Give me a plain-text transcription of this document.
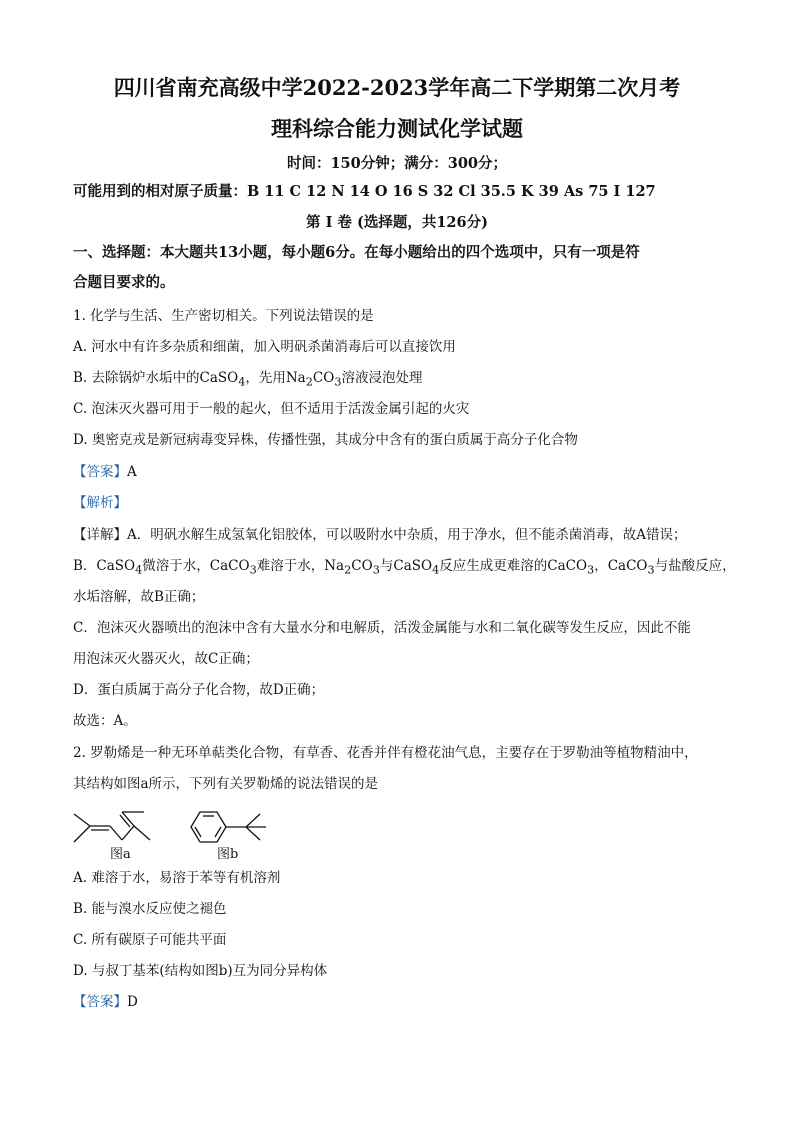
四川省南充高级中学2022-2023学年高二下学期第二次月考
理科综合能力测试化学试题
时间：150分钟；满分：300分；
可能用到的相对原子质量：B 11 C 12 N 14 O 16 S 32 Cl 35.5 K 39 As 75 I 127
第 I 卷 (选择题，共126分)
一、选择题：本大题共13小题，每小题6分。在每小题给出的四个选项中，只有一项是符
合题目要求的。
1. 化学与生活、生产密切相关。下列说法错误的是
A. 河水中有许多杂质和细菌，加入明矾杀菌消毒后可以直接饮用
B. 去除锅炉水垢中的CaSO$_4$，先用$Na_2CO_3$溶液浸泡处理
C. 泡沫灭火器可用于一般的起火，但不适用于活泼金属引起的火灾
D. 奥密克戎是新冠病毒变异株，传播性强，其成分中含有的蛋白质属于高分子化合物
【答案】A
【解析】
【详解】A．明矾水解生成氢氧化铝胶体，可以吸附水中杂质，用于净水，但不能杀菌消毒，故A错误；
B．CaSO$_4$微溶于水，CaCO$_3$难溶于水，$Na_2CO_3$与CaSO$_4$反应生成更难溶的CaCO$_3$，CaCO$_3$与盐酸反应，
水垢溶解，故B正确；
C．泡沫灭火器喷出的泡沫中含有大量水分和电解质，活泼金属能与水和二氧化碳等发生反应，因此不能
用泡沫灭火器灭火，故C正确；
D．蛋白质属于高分子化合物，故D正确；
故选：A。
2. 罗勒烯是一种无环单萜类化合物，有草香、花香并伴有橙花油气息，主要存在于罗勒油等植物精油中，
其结构如图a所示，下列有关罗勒烯的说法错误的是
图a	图b
A. 难溶于水，易溶于苯等有机溶剂
B. 能与溴水反应使之褪色
C. 所有碳原子可能共平面
D. 与叔丁基苯(结构如图b)互为同分异构体
【答案】D
